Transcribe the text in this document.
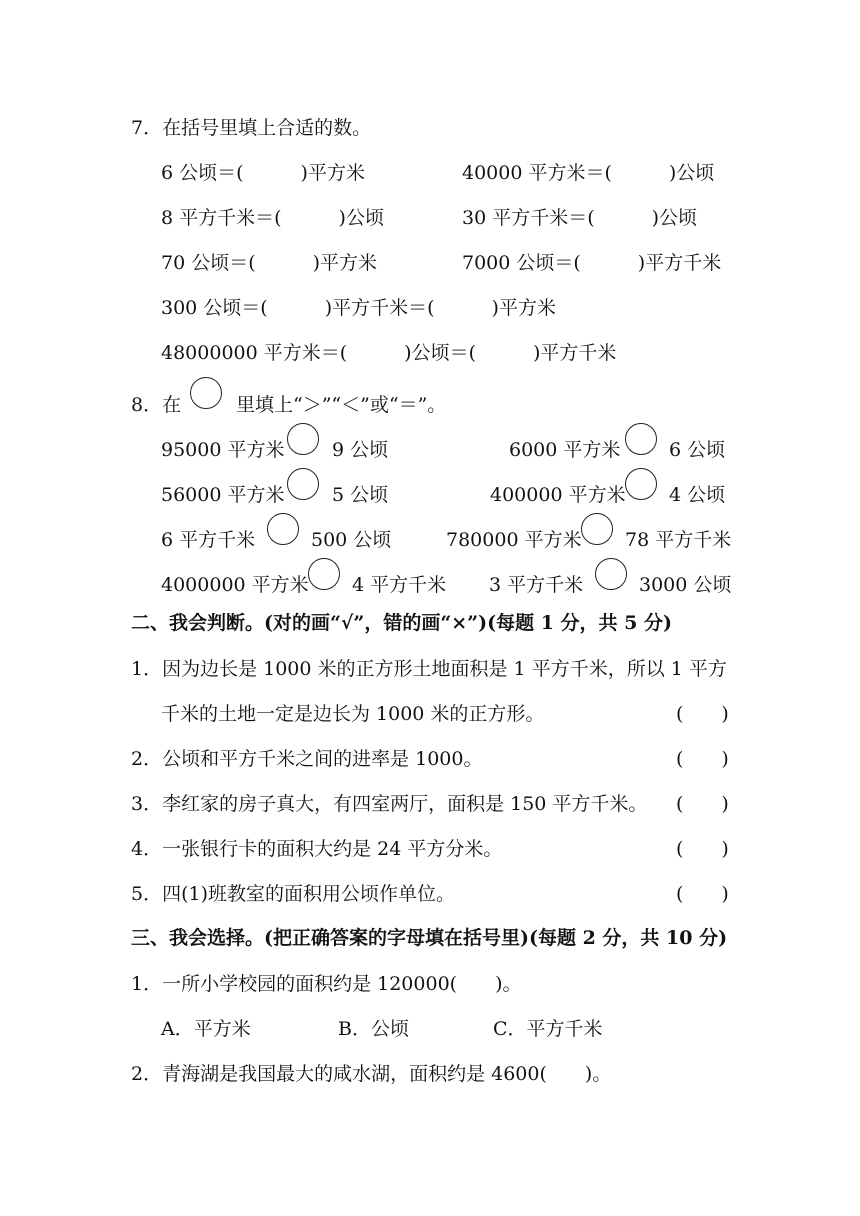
7．在括号里填上合适的数。
6 公顷＝(　　　)平方米	40000 平方米＝(　　　)公顷
8 平方千米＝(　　　)公顷	30 平方千米＝(　　　)公顷
70 公顷＝(　　　)平方米	7000 公顷＝(　　　)平方千米
300 公顷＝(　　　)平方千米＝(　　　)平方米
48000000 平方米＝(　　　)公顷＝(　　　)平方千米
8．在	里填上“＞”“＜”或“＝”。
95000 平方米	9 公顷	6000 平方米	6 公顷
56000 平方米	5 公顷	400000 平方米 4 公顷
6 平方千米	500 公顷	780000 平方米 78 平方千米
4000000 平方米 4 平方千米 3 平方千米	3000 公顷
二、我会判断。(对的画“√”，错的画“×”)(每题 1 分，共 5 分)
1．因为边长是 1000 米的正方形土地面积是 1 平方千米，所以 1 平方
千米的土地一定是边长为 1000 米的正方形。	(　　)
2．公顷和平方千米之间的进率是 1000。	(　　)
3．李红家的房子真大，有四室两厅，面积是 150 平方千米。 (　　)
4．一张银行卡的面积大约是 24 平方分米。	(　　)
5．四(1)班教室的面积用公顷作单位。	(　　)
三、我会选择。(把正确答案的字母填在括号里)(每题 2 分，共 10 分)
1．一所小学校园的面积约是 120000(　　)。
A．平方米	B．公顷	C．平方千米
2．青海湖是我国最大的咸水湖，面积约是 4600(　　)。
